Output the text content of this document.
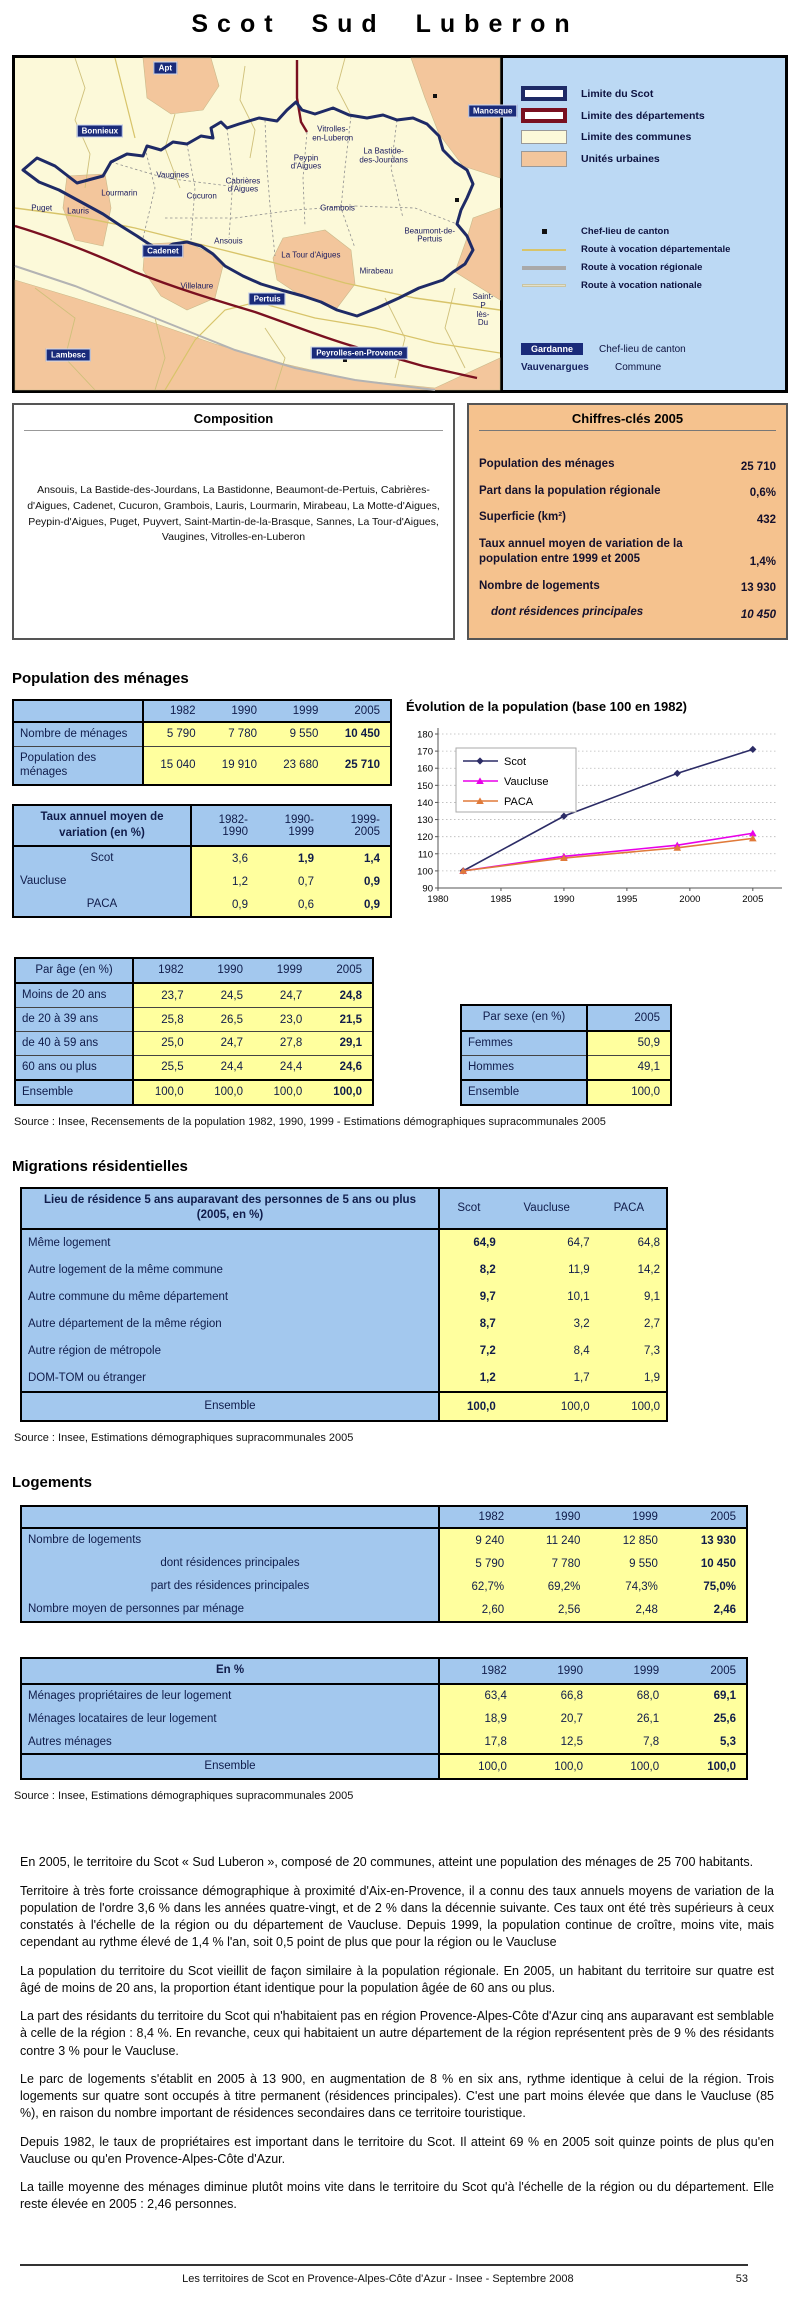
Scot Sud Luberon
Apt
Manosque
Bonnieux
Cadenet
Pertuis
Lambesc	Peyrolles-en-Provence
Puget Lauris
Lourmarin
Vaugines
Cucuron
Cabrières
d'Aigues
Ansouis
Peypin
d'Aigues
Vitrolles-
en-Luberon
La Bastide-
des-Jourdans
Grambois
Beaumont-de-Pertuis
La Tour d'Aigues
Mirabeau
Villelaure
Saint-P
lès-Du
Limite du Scot
Limite des départements
Limite des communes
Unités urbaines
Chef-lieu de canton
Route à vocation départementale
Route à vocation régionale
Route à vocation nationale
Gardanne	Chef-lieu de canton
Vauvenargues	Commune
Composition
Ansouis, La Bastide-des-Jourdans, La Bastidonne, Beaumont-de-Pertuis, Cabrières-d'Aigues, Cadenet, Cucuron, Grambois, Lauris, Lourmarin, Mirabeau, La Motte-d'Aigues, Peypin-d'Aigues, Puget, Puyvert, Saint-Martin-de-la-Brasque, Sannes, La Tour-d'Aigues, Vaugines, Vitrolles-en-Luberon
Chiffres-clés 2005
Population des ménages	25 710
Part dans la population régionale	0,6%
Superficie (km²)	432
Taux annuel moyen de variation de la population entre 1999 et 2005	1,4%
Nombre de logements	13 930
dont résidences principales	10 450
Population des ménages
	1982	1990	1999	2005
Nombre de ménages	5 790	7 780	9 550	10 450
Population des ménages	15 040	19 910	23 680	25 710
Taux annuel moyen de variation (en %)	1982-1990	1990-1999	1999-2005
Scot	3,6	1,9	1,4
Vaucluse	1,2	0,7	0,9
PACA	0,9	0,6	0,9
Évolution de la population (base 100 en 1982)
90
100
110
120
130
140
150
160
170
180
1980	1985	1990	1995	2000	2005
Scot
Vaucluse
PACA
Par âge (en %)	1982	1990	1999	2005
Moins de 20 ans	23,7	24,5	24,7	24,8
de 20 à 39 ans	25,8	26,5	23,0	21,5
de 40 à 59 ans	25,0	24,7	27,8	29,1
60 ans ou plus	25,5	24,4	24,4	24,6
Ensemble	100,0	100,0	100,0	100,0
Par sexe (en %)	2005
Femmes	50,9
Hommes	49,1
Ensemble	100,0
Source : Insee, Recensements de la population 1982, 1990, 1999 - Estimations démographiques supracommunales 2005
Migrations résidentielles
Lieu de résidence 5 ans auparavant des personnes de 5 ans ou plus (2005, en %)	Scot	Vaucluse	PACA
Même logement	64,9	64,7	64,8
Autre logement de la même commune	8,2	11,9	14,2
Autre commune du même département	9,7	10,1	9,1
Autre département de la même région	8,7	3,2	2,7
Autre région de métropole	7,2	8,4	7,3
DOM-TOM ou étranger	1,2	1,7	1,9
Ensemble	100,0	100,0	100,0
Source : Insee, Estimations démographiques supracommunales 2005
Logements
	1982	1990	1999	2005
Nombre de logements	9 240	11 240	12 850	13 930
dont résidences principales	5 790	7 780	9 550	10 450
part des résidences principales	62,7%	69,2%	74,3%	75,0%
Nombre moyen de personnes par ménage	2,60	2,56	2,48	2,46
En %	1982	1990	1999	2005
Ménages propriétaires de leur logement	63,4	66,8	68,0	69,1
Ménages locataires de leur logement	18,9	20,7	26,1	25,6
Autres ménages	17,8	12,5	7,8	5,3
Ensemble	100,0	100,0	100,0	100,0
Source : Insee, Estimations démographiques supracommunales 2005

En 2005, le territoire du Scot « Sud Luberon », composé de 20 communes, atteint une population des ménages de 25 700 habitants.

Territoire à très forte croissance démographique à proximité d'Aix-en-Provence, il a connu des taux annuels moyens de variation de la population de l'ordre 3,6 % dans les années quatre-vingt, et de 2 % dans la décennie suivante. Ces taux ont été très supérieurs à ceux constatés à l'échelle de la région ou du département de Vaucluse. Depuis 1999, la population continue de croître, moins vite, mais cependant au rythme élevé de 1,4 % l'an, soit 0,5 point de plus que pour la région ou le Vaucluse

La population du territoire du Scot vieillit de façon similaire à la population régionale. En 2005, un habitant du territoire sur quatre est âgé de moins de 20 ans, la proportion étant identique pour la population âgée de 60 ans ou plus.

La part des résidants du territoire du Scot qui n'habitaient pas en région Provence-Alpes-Côte d'Azur cinq ans auparavant est semblable à celle de la région : 8,4 %. En revanche, ceux qui habitaient un autre département de la région représentent près de 9 % des résidants contre 3 % pour le Vaucluse.

Le parc de logements s'établit en 2005 à 13 900, en augmentation de 8 % en six ans, rythme identique à celui de la région. Trois logements sur quatre sont occupés à titre permanent (résidences principales). C'est une part moins élevée que dans le Vaucluse (85 %), en raison du nombre important de résidences secondaires dans ce territoire touristique.

Depuis 1982, le taux de propriétaires est important dans le territoire du Scot. Il atteint 69 % en 2005 soit quinze points de plus qu'en Vaucluse ou qu'en Provence-Alpes-Côte d'Azur.

La taille moyenne des ménages diminue plutôt moins vite dans le territoire du Scot qu'à l'échelle de la région ou du département. Elle reste élevée en 2005 : 2,46 personnes.

Les territoires de Scot en Provence-Alpes-Côte d'Azur - Insee - Septembre 2008	53
